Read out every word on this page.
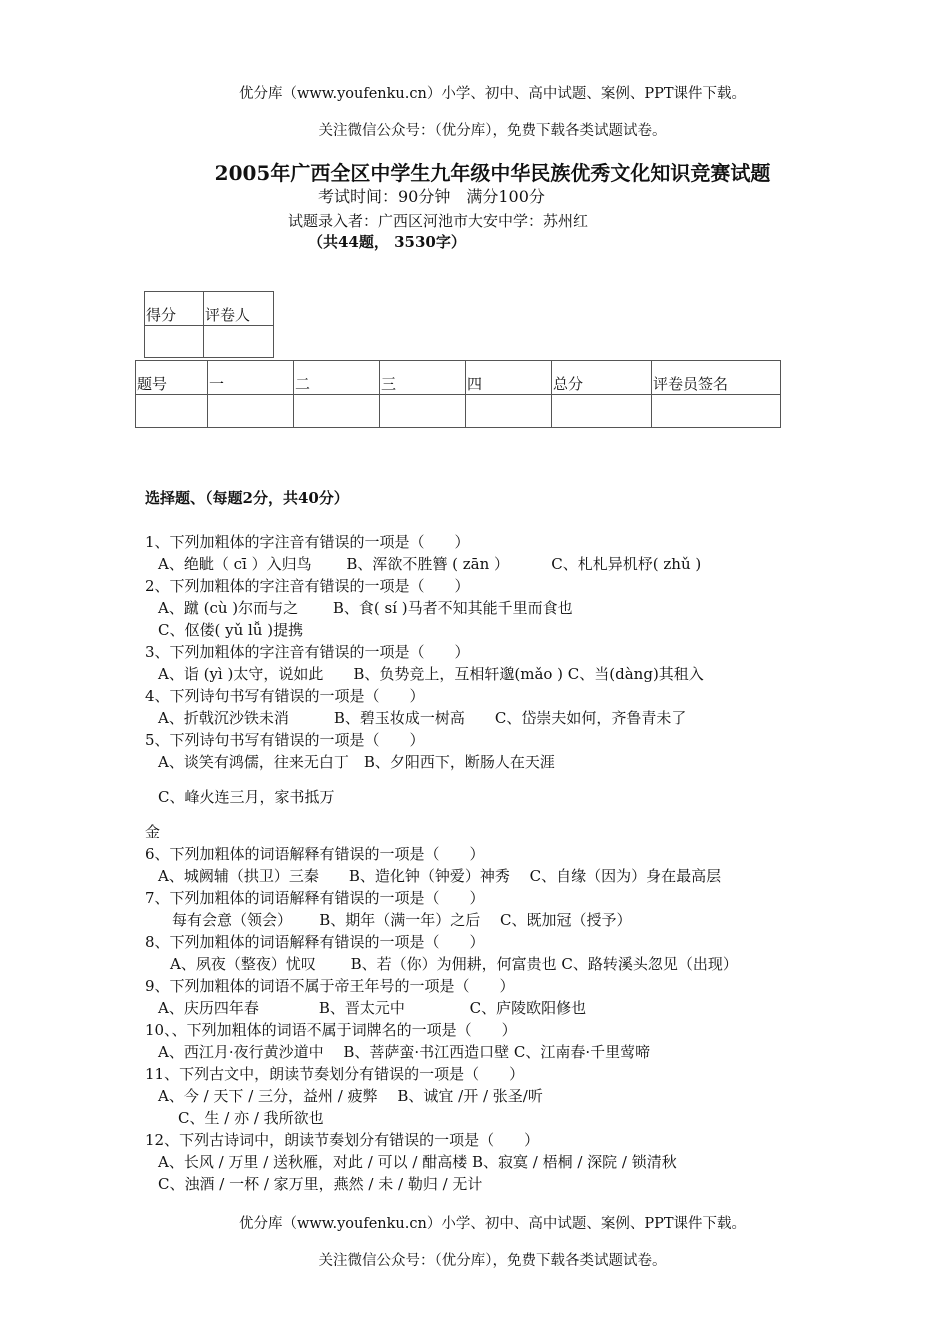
优分库（www.youfenku.cn）小学、初中、高中试题、案例、PPT课件下载。
关注微信公众号：（优分库），免费下载各类试题试卷。
2005年广西全区中学生九年级中华民族优秀文化知识竞赛试题
考试时间：90分钟　满分100分
试题录入者：广西区河池市大安中学：苏州红
（共44题， 3530字）
得分	评卷人

题号	一	二	三	四	总分	评卷员签名

选择题、（每题2分，共40分）
1、下列加粗体的字注音有错误的一项是（　　）
A、绝眦（ cī ）入归鸟　　 B、浑欲不胜簪 ( zān ）　　　 C、札札异机杼( zhǔ )
2、下列加粗体的字注音有错误的一项是（　　）
A、蹴 (cù )尔而与之　　 B、食( sí )马者不知其能千里而食也
C、伛偻( yǔ lǚ )提携
3、下列加粗体的字注音有错误的一项是（　　）
A、诣 (yì )太守，说如此　　B、负势竞上，互相轩邈(mǎo ) C、当(dàng)其租入
4、下列诗句书写有错误的一项是（　　）
A、折戟沉沙铁未消　　　B、碧玉妆成一树高　　C、岱崇夫如何，齐鲁青未了
5、下列诗句书写有错误的一项是（　　）
A、谈笑有鸿儒，往来无白丁　B、夕阳西下，断肠人在天涯
C、峰火连三月，家书抵万
金
6、下列加粗体的词语解释有错误的一项是（　　）
A、城阙辅（拱卫）三秦　　B、造化钟（钟爱）神秀　 C、自缘（因为）身在最高层
7、下列加粗体的词语解释有错误的一项是（　　）
每有会意（领会）　　 B、期年（满一年）之后　 C、既加冠（授予）
8、下列加粗体的词语解释有错误的一项是（　　）
A、夙夜（整夜）忧叹　　 B、若（你）为佣耕，何富贵也 C、路转溪头忽见（出现）
9、下列加粗体的词语不属于帝王年号的一项是（　　）
A、庆历四年春　　　　B、晋太元中　　　　 C、庐陵欧阳修也
10、、下列加粗体的词语不属于词牌名的一项是（　　）
A、西江月·夜行黄沙道中　 B、菩萨蛮·书江西造口壁 C、江南春·千里莺啼
11、下列古文中，朗读节奏划分有错误的一项是（　　）
A、今 / 天下 / 三分，益州 / 疲弊　 B、诚宜 /开 / 张圣/听
C、生 / 亦 / 我所欲也
12、下列古诗词中，朗读节奏划分有错误的一项是（　　）
A、长风 / 万里 / 送秋雁，对此 / 可以 / 酣高楼 B、寂寞 / 梧桐 / 深院 / 锁清秋
C、浊酒 / 一杯 / 家万里，燕然 / 未 / 勒归 / 无计
优分库（www.youfenku.cn）小学、初中、高中试题、案例、PPT课件下载。
关注微信公众号：（优分库），免费下载各类试题试卷。
